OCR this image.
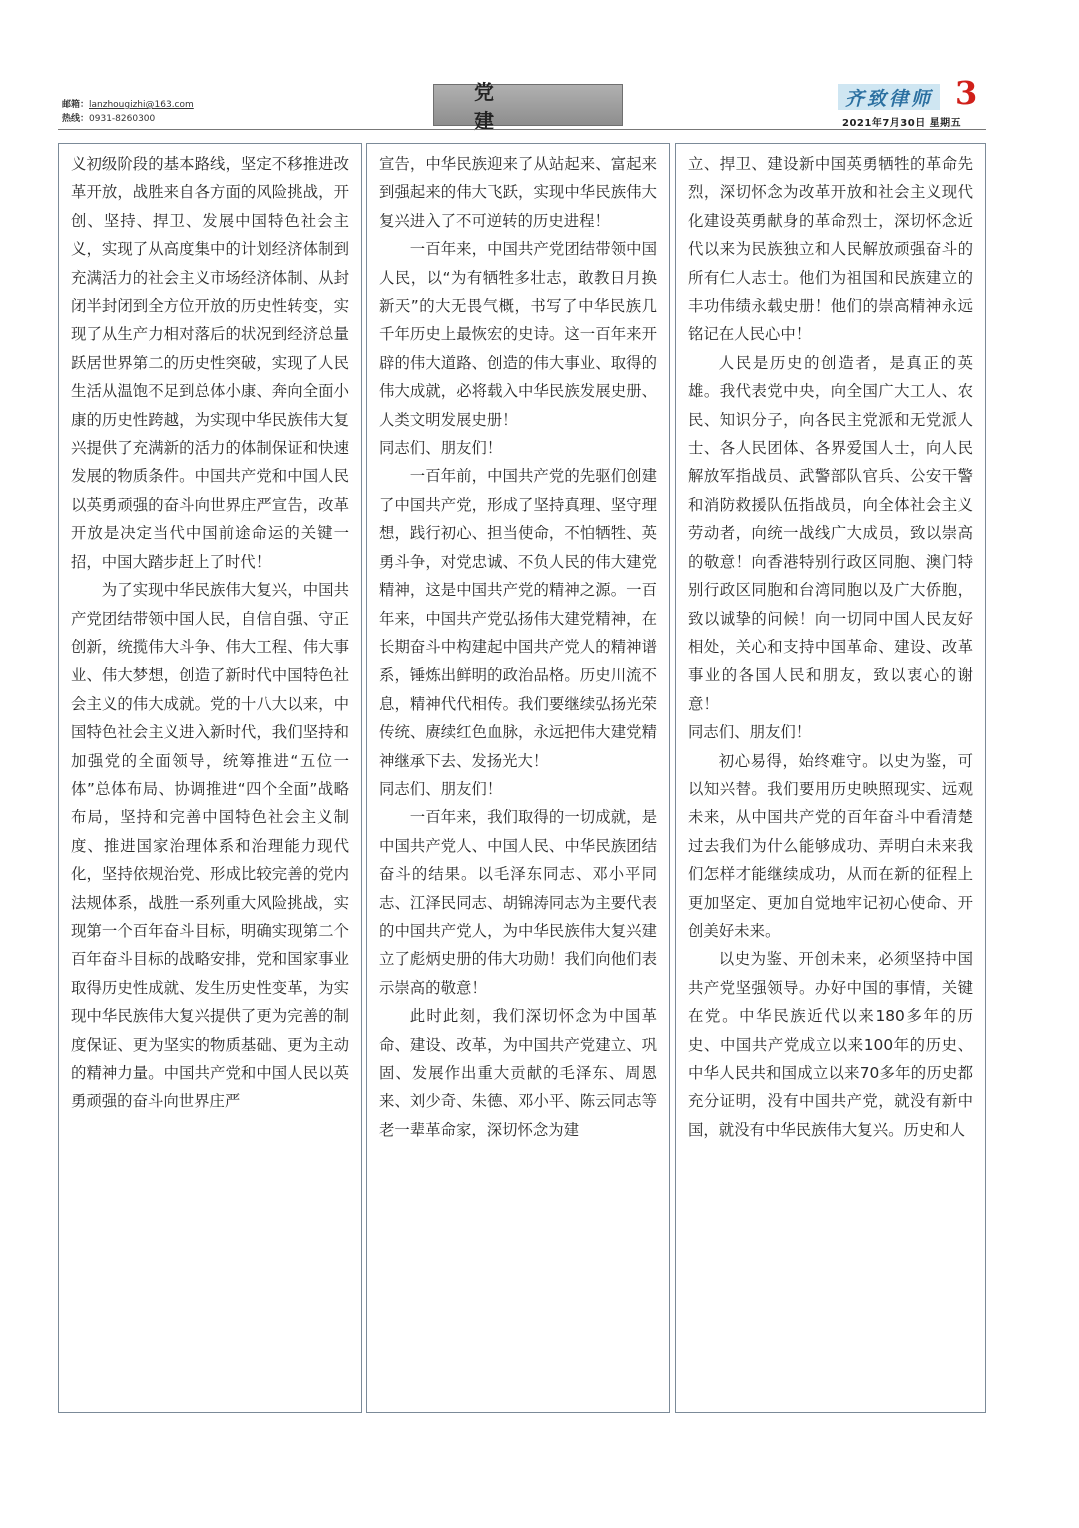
邮箱：lanzhougizhi@163.com
热线：0931-8260300
党 建
齐致律师 3
2021年7月30日 星期五

义初级阶段的基本路线，坚定不移推进改革开放，战胜来自各方面的风险挑战，开创、坚持、捍卫、发展中国特色社会主义，实现了从高度集中的计划经济体制到充满活力的社会主义市场经济体制、从封闭半封闭到全方位开放的历史性转变，实现了从生产力相对落后的状况到经济总量跃居世界第二的历史性突破，实现了人民生活从温饱不足到总体小康、奔向全面小康的历史性跨越，为实现中华民族伟大复兴提供了充满新的活力的体制保证和快速发展的物质条件。中国共产党和中国人民以英勇顽强的奋斗向世界庄严宣告，改革开放是决定当代中国前途命运的关键一招，中国大踏步赶上了时代！

为了实现中华民族伟大复兴，中国共产党团结带领中国人民，自信自强、守正创新，统揽伟大斗争、伟大工程、伟大事业、伟大梦想，创造了新时代中国特色社会主义的伟大成就。党的十八大以来，中国特色社会主义进入新时代，我们坚持和加强党的全面领导，统筹推进“五位一体”总体布局、协调推进“四个全面”战略布局，坚持和完善中国特色社会主义制度、推进国家治理体系和治理能力现代化，坚持依规治党、形成比较完善的党内法规体系，战胜一系列重大风险挑战，实现第一个百年奋斗目标，明确实现第二个百年奋斗目标的战略安排，党和国家事业取得历史性成就、发生历史性变革，为实现中华民族伟大复兴提供了更为完善的制度保证、更为坚实的物质基础、更为主动的精神力量。中国共产党和中国人民以英勇顽强的奋斗向世界庄严

宣告，中华民族迎来了从站起来、富起来到强起来的伟大飞跃，实现中华民族伟大复兴进入了不可逆转的历史进程！

一百年来，中国共产党团结带领中国人民，以“为有牺牲多壮志，敢教日月换新天”的大无畏气概，书写了中华民族几千年历史上最恢宏的史诗。这一百年来开辟的伟大道路、创造的伟大事业、取得的伟大成就，必将载入中华民族发展史册、人类文明发展史册！

同志们、朋友们！

一百年前，中国共产党的先驱们创建了中国共产党，形成了坚持真理、坚守理想，践行初心、担当使命，不怕牺牲、英勇斗争，对党忠诚、不负人民的伟大建党精神，这是中国共产党的精神之源。一百年来，中国共产党弘扬伟大建党精神，在长期奋斗中构建起中国共产党人的精神谱系，锤炼出鲜明的政治品格。历史川流不息，精神代代相传。我们要继续弘扬光荣传统、赓续红色血脉，永远把伟大建党精神继承下去、发扬光大！

同志们、朋友们！

一百年来，我们取得的一切成就，是中国共产党人、中国人民、中华民族团结奋斗的结果。以毛泽东同志、邓小平同志、江泽民同志、胡锦涛同志为主要代表的中国共产党人，为中华民族伟大复兴建立了彪炳史册的伟大功勋！我们向他们表示崇高的敬意！

此时此刻，我们深切怀念为中国革命、建设、改革，为中国共产党建立、巩固、发展作出重大贡献的毛泽东、周恩来、刘少奇、朱德、邓小平、陈云同志等老一辈革命家，深切怀念为建

立、捍卫、建设新中国英勇牺牲的革命先烈，深切怀念为改革开放和社会主义现代化建设英勇献身的革命烈士，深切怀念近代以来为民族独立和人民解放顽强奋斗的所有仁人志士。他们为祖国和民族建立的丰功伟绩永载史册！他们的崇高精神永远铭记在人民心中！

人民是历史的创造者，是真正的英雄。我代表党中央，向全国广大工人、农民、知识分子，向各民主党派和无党派人士、各人民团体、各界爱国人士，向人民解放军指战员、武警部队官兵、公安干警和消防救援队伍指战员，向全体社会主义劳动者，向统一战线广大成员，致以崇高的敬意！向香港特别行政区同胞、澳门特别行政区同胞和台湾同胞以及广大侨胞，致以诚挚的问候！向一切同中国人民友好相处，关心和支持中国革命、建设、改革事业的各国人民和朋友，致以衷心的谢意！

同志们、朋友们！

初心易得，始终难守。以史为鉴，可以知兴替。我们要用历史映照现实、远观未来，从中国共产党的百年奋斗中看清楚过去我们为什么能够成功、弄明白未来我们怎样才能继续成功，从而在新的征程上更加坚定、更加自觉地牢记初心使命、开创美好未来。

以史为鉴、开创未来，必须坚持中国共产党坚强领导。办好中国的事情，关键在党。中华民族近代以来180多年的历史、中国共产党成立以来100年的历史、中华人民共和国成立以来70多年的历史都充分证明，没有中国共产党，就没有新中国，就没有中华民族伟大复兴。历史和人
